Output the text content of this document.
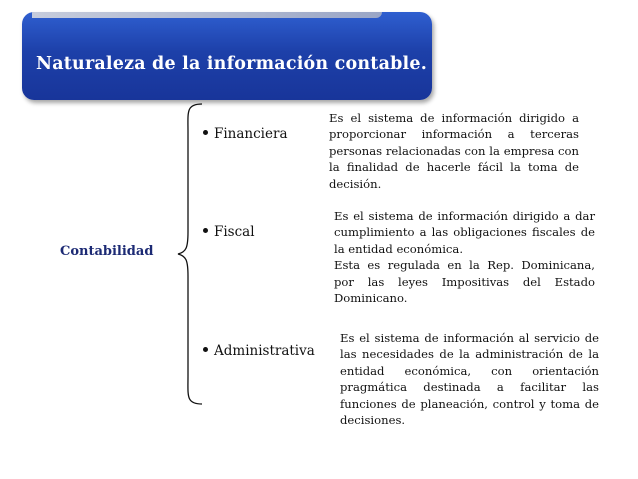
Naturaleza de la información contable.
Contabilidad
Financiera
Fiscal
Administrativa

Es el sistema de información dirigido a proporcionar información a terceras personas relacionadas con la empresa con la finalidad de hacerle fácil la toma de decisión.

Es el sistema de información dirigido a dar cumplimiento a las obligaciones fiscales de la entidad económica.

Esta es regulada en la Rep. Dominicana, por las leyes Impositivas del Estado Dominicano.

Es el sistema de información al servicio de las necesidades de la administración de la entidad económica, con orientación pragmática destinada a facilitar las funciones de planeación, control y toma de decisiones.
